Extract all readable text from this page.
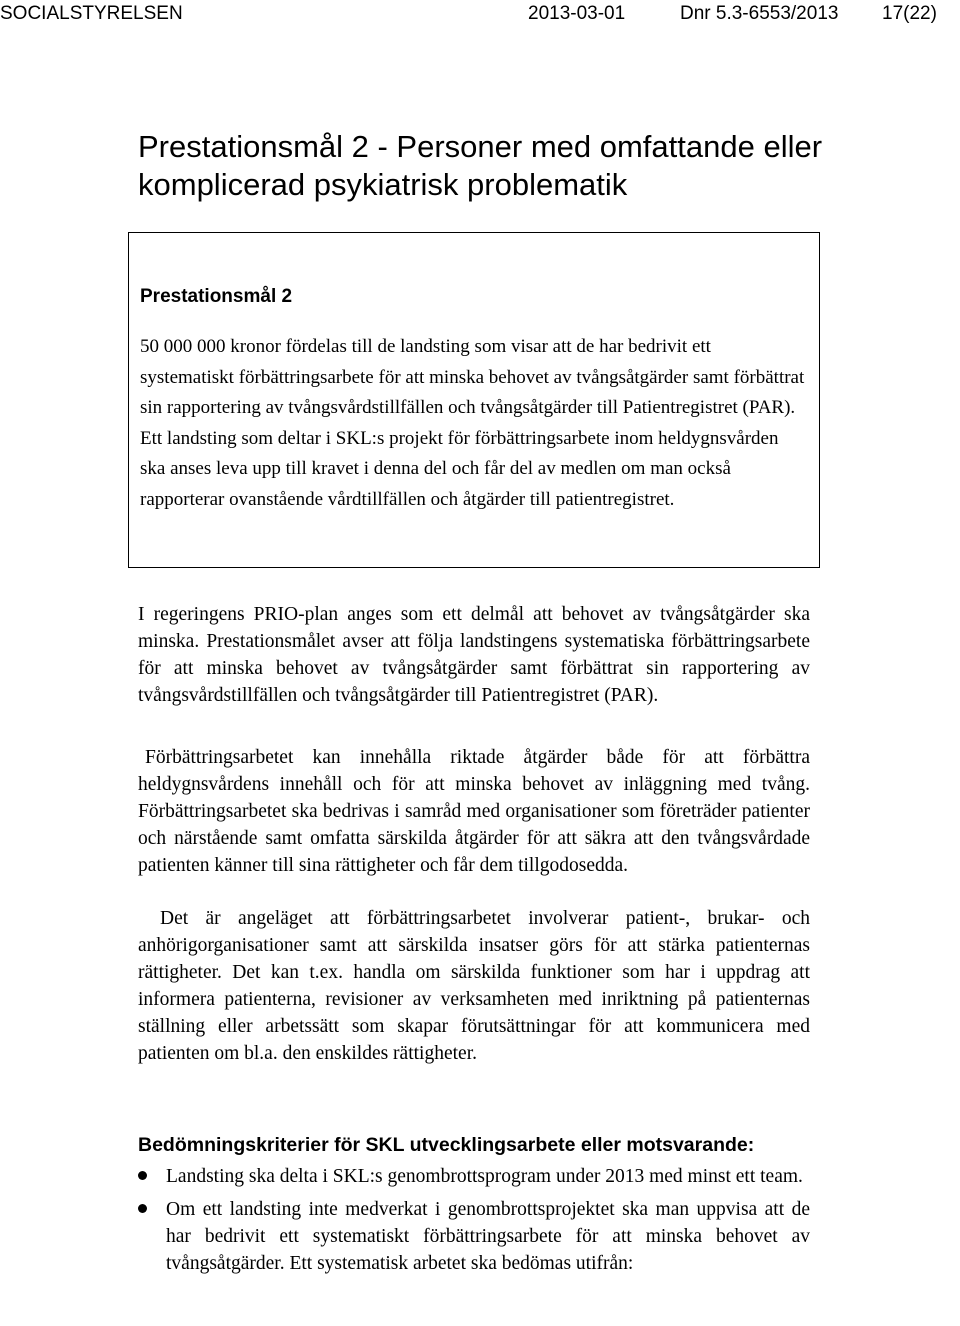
SOCIALSTYRELSEN	2013-03-01	Dnr 5.3-6553/2013 17(22)
Prestationsmål 2 - Personer med omfattande eller komplicerad psykiatrisk problematik
Prestationsmål 2

50 000 000 kronor fördelas till de landsting som visar att de har bedrivit ett systematiskt förbättringsarbete för att minska behovet av tvångsåtgärder samt förbättrat sin rapportering av tvångsvårdstillfällen och tvångsåtgärder till Patientregistret (PAR). Ett landsting som deltar i SKL:s projekt för förbättringsarbete inom heldygnsvården ska anses leva upp till kravet i denna del och får del av medlen om man också rapporterar ovanstående vårdtillfällen och åtgärder till patientregistret.

I regeringens PRIO-plan anges som ett delmål att behovet av tvångsåtgärder ska minska. Prestationsmålet avser att följa landstingens systematiska förbättringsarbete för att minska behovet av tvångsåtgärder samt förbättrat sin rapportering av tvångsvårdstillfällen och tvångsåtgärder till Patientregistret (PAR).

Förbättringsarbetet kan innehålla riktade åtgärder både för att förbättra heldygnsvårdens innehåll och för att minska behovet av inläggning med tvång. Förbättringsarbetet ska bedrivas i samråd med organisationer som företräder patienter och närstående samt omfatta särskilda åtgärder för att säkra att den tvångsvårdade patienten känner till sina rättigheter och får dem tillgodosedda.

Det är angeläget att förbättringsarbetet involverar patient-, brukar- och anhörigorganisationer samt att särskilda insatser görs för att stärka patienternas rättigheter. Det kan t.ex. handla om särskilda funktioner som har i uppdrag att informera patienterna, revisioner av verksamheten med inriktning på patienternas ställning eller arbetssätt som skapar förutsättningar för att kommunicera med patienten om bl.a. den enskildes rättigheter.

Bedömningskriterier för SKL utvecklingsarbete eller motsvarande:
Landsting ska delta i SKL:s genombrottsprogram under 2013 med minst ett team.
Om ett landsting inte medverkat i genombrottsprojektet ska man uppvisa att de har bedrivit ett systematiskt förbättringsarbete för att minska behovet av tvångsåtgärder. Ett systematisk arbetet ska bedömas utifrån:
